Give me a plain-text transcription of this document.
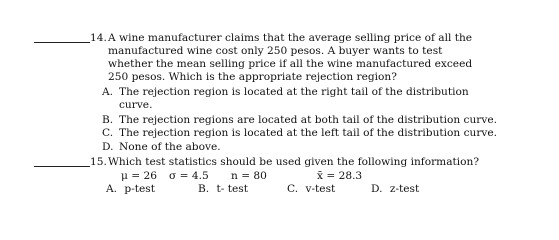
14. A wine manufacturer claims that the average selling price of all the
manufactured wine cost only 250 pesos. A buyer wants to test
whether the mean selling price if all the wine manufactured exceed
250 pesos. Which is the appropriate rejection region?
A. The rejection region is located at the right tail of the distribution
curve.
B. The rejection regions are located at both tail of the distribution curve.
C. The rejection region is located at the left tail of the distribution curve.
D. None of the above.
15. Which test statistics should be used given the following information?
μ = 26 σ = 4.5 n = 80	x̄ = 28.3
A. p-test	B. t- test	C. v-test	D. z-test
